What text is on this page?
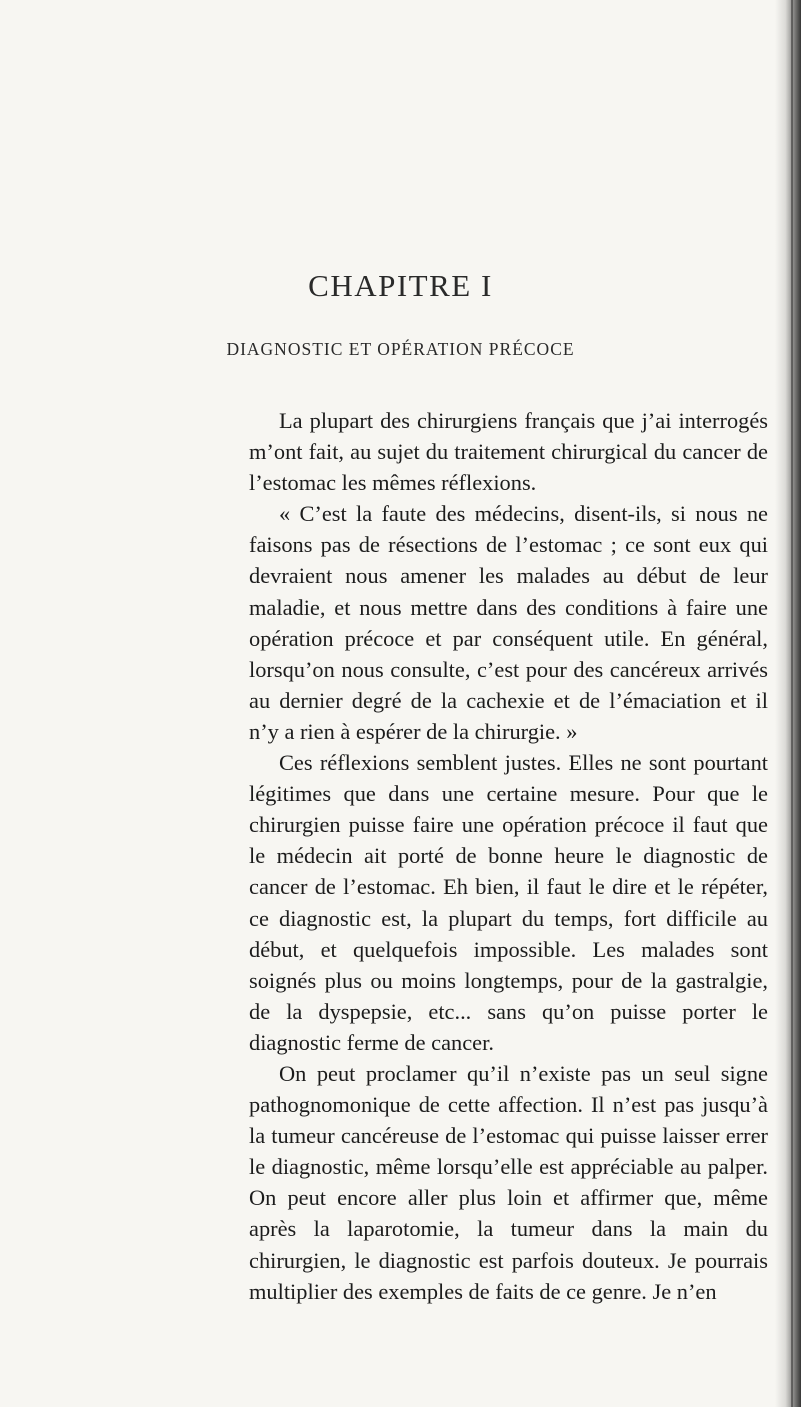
CHAPITRE I
DIAGNOSTIC ET OPÉRATION PRÉCOCE

La plupart des chirurgiens français que j’ai interrogés m’ont fait, au sujet du traitement chirurgical du cancer de l’estomac les mêmes réflexions.

« C’est la faute des médecins, disent-ils, si nous ne faisons pas de résections de l’estomac ; ce sont eux qui devraient nous amener les malades au début de leur maladie, et nous mettre dans des conditions à faire une opération précoce et par conséquent utile. En général, lorsqu’on nous consulte, c’est pour des cancéreux arrivés au dernier degré de la cachexie et de l’émaciation et il n’y a rien à espérer de la chirurgie. »

Ces réflexions semblent justes. Elles ne sont pourtant légitimes que dans une certaine mesure. Pour que le chirurgien puisse faire une opération précoce il faut que le médecin ait porté de bonne heure le diagnostic de cancer de l’estomac. Eh bien, il faut le dire et le répéter, ce diagnostic est, la plupart du temps, fort difficile au début, et quelquefois impossible. Les malades sont soignés plus ou moins longtemps, pour de la gastralgie, de la dyspepsie, etc... sans qu’on puisse porter le diagnostic ferme de cancer.

On peut proclamer qu’il n’existe pas un seul signe pathognomonique de cette affection. Il n’est pas jusqu’à la tumeur cancéreuse de l’estomac qui puisse laisser errer le diagnostic, même lorsqu’elle est appréciable au palper. On peut encore aller plus loin et affirmer que, même après la laparotomie, la tumeur dans la main du chirurgien, le diagnostic est parfois douteux. Je pourrais multiplier des exemples de faits de ce genre. Je n’en
